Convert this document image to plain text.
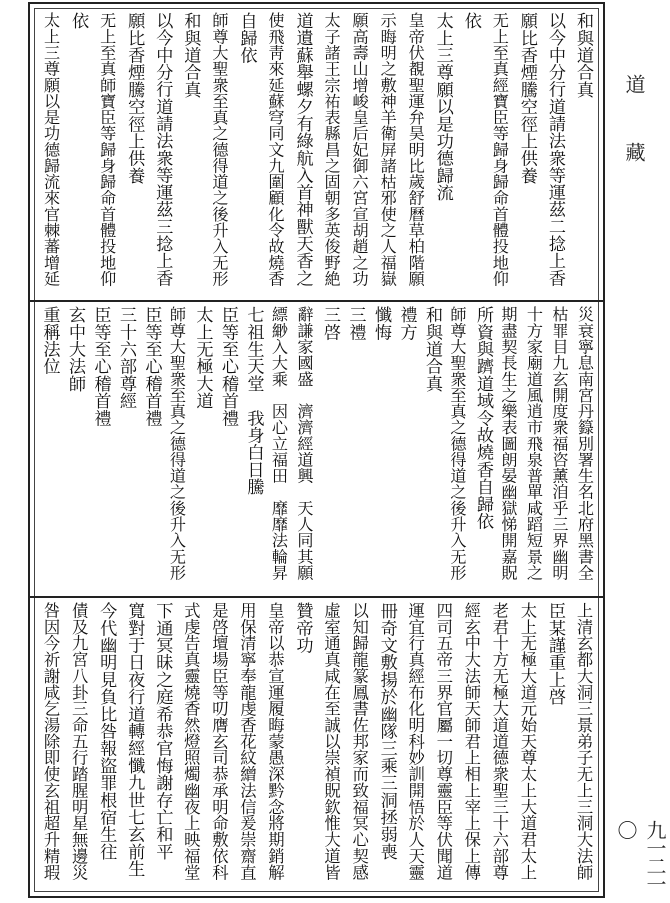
和與道合真
以今中分行道請法衆等運茲二捻上香
願比香煙騰空徑上供養
无上至真經寶臣等歸身歸命首體投地仰
依
太上三尊願以是功德歸流
皇帝伏覩聖運弁昊明比歲舒曆草柏階願
示晦明之敷神羊衛屏諸枯邪使之人福嶽
願高壽山增峻皇后妃御六宮宣胡趙之功
太子諸王宗祐表縣昌之固朝多英俊野絶
道遺蘇舉螺夕有綠航入首神獸天香之
使飛靑來延蘇穹同文九圍顧化令故燒香
自歸依
師尊大聖衆至真之德得道之後升入无形
和與道合真
以今中分行道請法衆等運茲三捻上香
願比香煙騰空徑上供養
无上至真師寶臣等歸身歸命首體投地仰
依
太上三尊願以是功德歸流來官棘蕃增延
災衰寧息南宮丹籙別署生名北府黑書全
枯罪目九玄開度衆福咨薰洎乎三界幽明
十方家廟道風逍市飛泉普單咸蹈短景之
期盡契長生之樂表圖朗晏幽獄悌開嘉貺
所資與躋道域令故燒香自歸依
師尊大聖衆至真之德得道之後升入无形
和與道合真
禮方
懺悔
三禮
三啓
辭謙家國盛　濟濟經道興　天人同其願
縹緲入大乘　因心立福田　靡靡法輪昇
七祖生天堂　我身白日騰
臣等至心稽首禮
太上无極大道
師尊大聖衆至真之德得道之後升入无形
臣等至心稽首禮
三十六部尊經
臣等至心稽首禮
玄中大法師
重稱法位
上清玄都大洞三景弟子无上三洞大法師
臣某謹重上啓
太上无極大道元始天尊太上大道君太上
老君十方无極大道道德衆聖三十六部尊
經玄中大法師天師君上相上宰上保上傳
四司五帝三界官屬一切尊靈臣等伏聞道
運宜行真經布化明科妙訓開悟於人天靈
冊奇文敷揚於幽隊三乘三洞拯弱喪
以知歸龍篆鳳書佐邦家而致福冥心契感
虛室通真咸在至誠以崇禎貺欽惟大道皆
贊帝功
皇帝以恭宣運履晦蒙愚深黔念將期銷解
用保清寧奉龍虔香花紋繒法信爰崇齋直
是啓壇場臣等叨膺玄司恭承明命敷依科
式虔告真靈燒香然燈照燭幽夜上映福堂
下通冥昧之庭希恭官悔謝存亡和平
寬對于日夜行道轉經懺九世七玄前生
今代幽明見負比咎報盜罪根宿生往
債及九宮八卦三命五行踏腥明星無邊災
咎因今祈謝咸乞湯除即使玄祖超升精瑕
道
藏
九一二一〇
